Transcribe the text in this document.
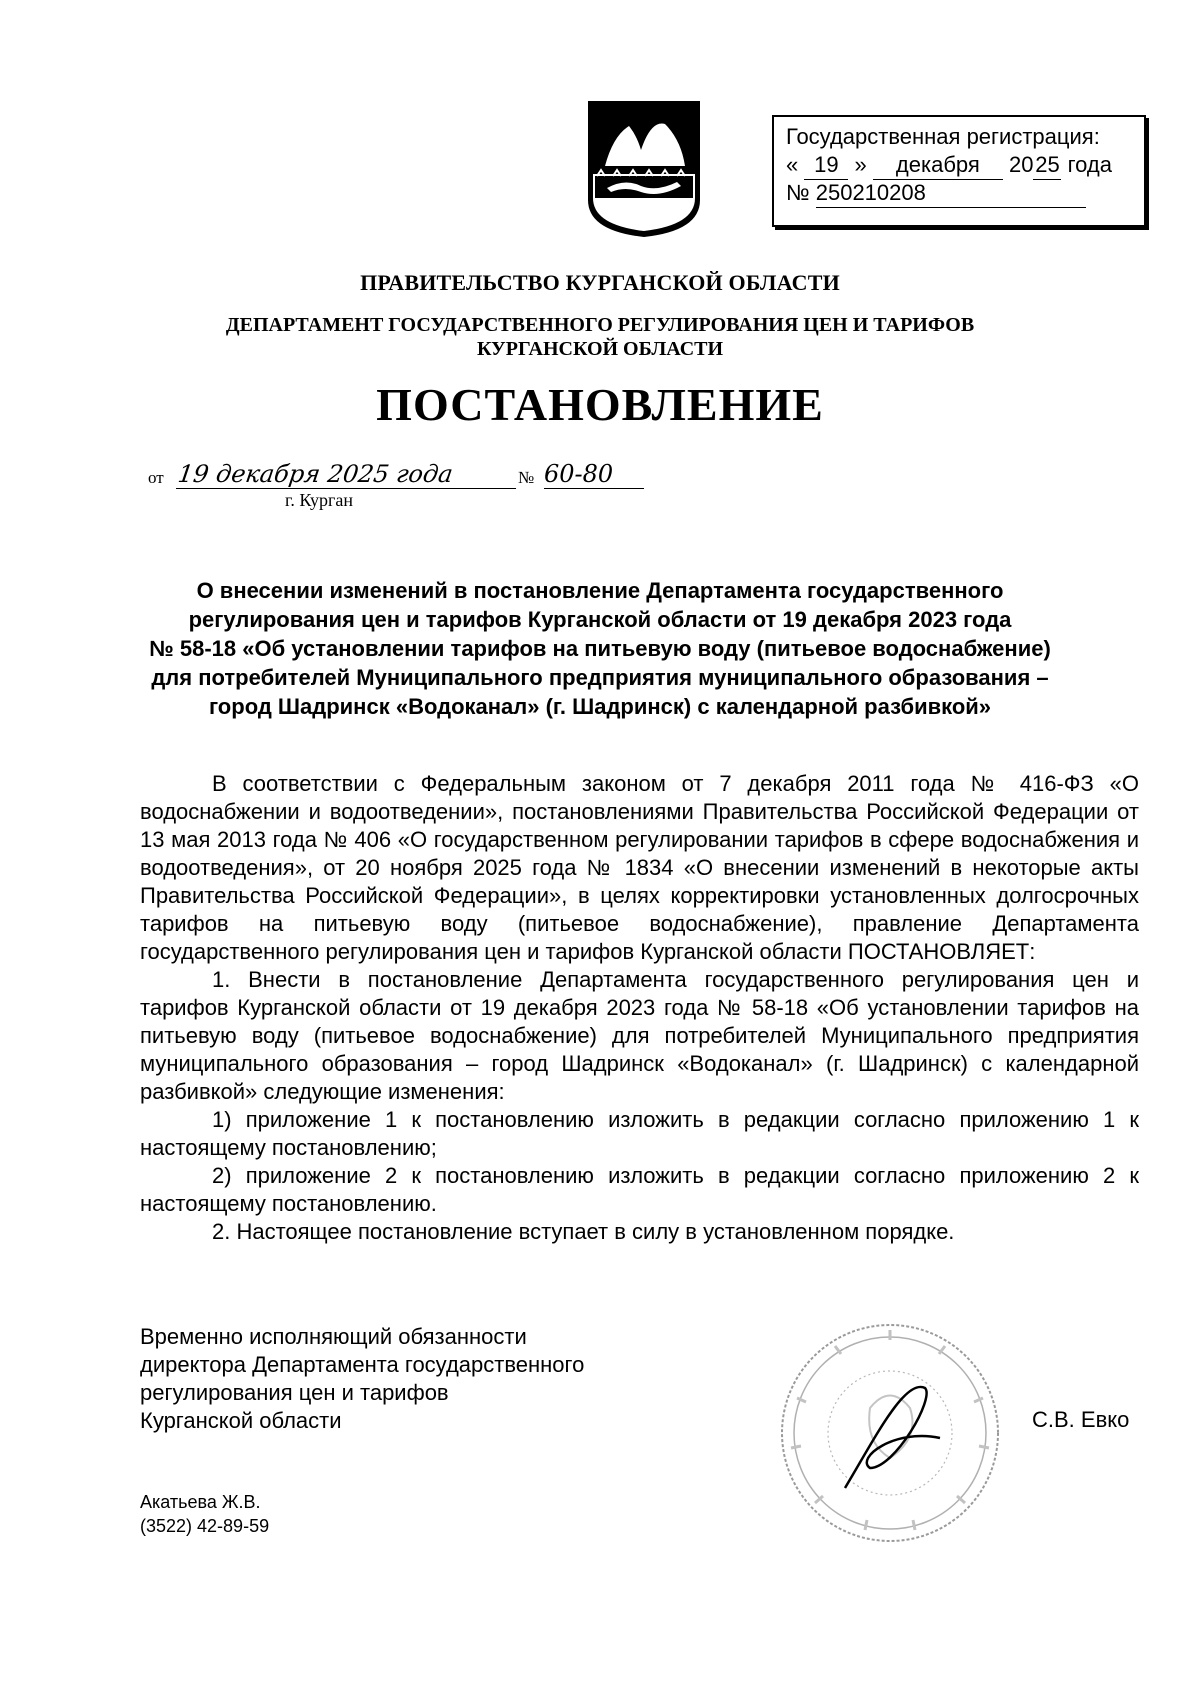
Государственная регистрация:
« 19 » декабря 2025 года
№ 250210208
ПРАВИТЕЛЬСТВО КУРГАНСКОЙ ОБЛАСТИ
ДЕПАРТАМЕНТ ГОСУДАРСТВЕННОГО РЕГУЛИРОВАНИЯ ЦЕН И ТАРИФОВ
КУРГАНСКОЙ ОБЛАСТИ
ПОСТАНОВЛЕНИЕ
от 19 декабря 2025 года	№ 60-80
г. Курган
О внесении изменений в постановление Департамента государственного
регулирования цен и тарифов Курганской области от 19 декабря 2023 года
№ 58-18 «Об установлении тарифов на питьевую воду (питьевое водоснабжение)
для потребителей Муниципального предприятия муниципального образования –
город Шадринск «Водоканал» (г. Шадринск) с календарной разбивкой»

В соответствии с Федеральным законом от 7 декабря 2011 года № 416-ФЗ «О водоснабжении и водоотведении», постановлениями Правительства Российской Федерации от 13 мая 2013 года № 406 «О государственном регулировании тарифов в сфере водоснабжения и водоотведения», от 20 ноября 2025 года № 1834 «О внесении изменений в некоторые акты Правительства Российской Федерации», в целях корректировки установленных долгосрочных тарифов на питьевую воду (питьевое водоснабжение), правление Департамента государственного регулирования цен и тарифов Курганской области ПОСТАНОВЛЯЕТ:

1. Внести в постановление Департамента государственного регулирования цен и тарифов Курганской области от 19 декабря 2023 года № 58-18 «Об установлении тарифов на питьевую воду (питьевое водоснабжение) для потребителей Муниципального предприятия муниципального образования – город Шадринск «Водоканал» (г. Шадринск) с календарной разбивкой» следующие изменения:

1) приложение 1 к постановлению изложить в редакции согласно приложению 1 к настоящему постановлению;

2) приложение 2 к постановлению изложить в редакции согласно приложению 2 к настоящему постановлению.

2. Настоящее постановление вступает в силу в установленном порядке.

Временно исполняющий обязанности
директора Департамента государственного
регулирования цен и тарифов
Курганской области	С.В. Евко
Акатьева Ж.В.
(3522) 42-89-59
